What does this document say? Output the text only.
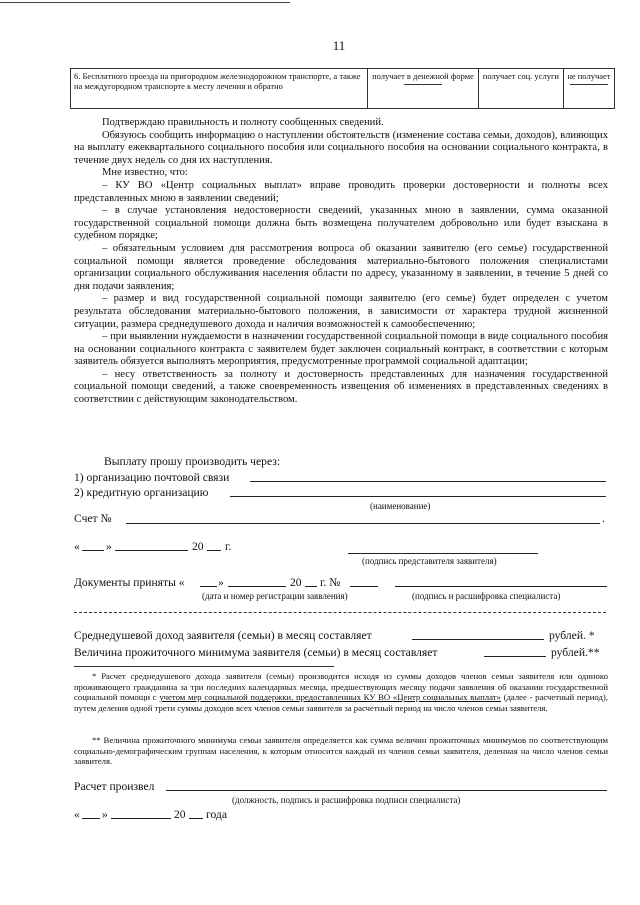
11
6. Бесплатного проезда на пригородном железнодорожном транспорте, а также на междугородном транспорте к месту лечения и обратно	получает в денежной форме	получает соц. услуги	не получает

Подтверждаю правильность и полноту сообщенных сведений.

Обязуюсь сообщить информацию о наступлении обстоятельств (изменение состава семьи, доходов), влияющих на выплату ежеквартального социального пособия или социального пособия на основании социального контракта, в течение двух недель со дня их наступления.

Мне известно, что:

– КУ ВО «Центр социальных выплат» вправе проводить проверки достоверности и полноты всех представленных мною в заявлении сведений;

– в случае установления недостоверности сведений, указанных мною в заявлении, сумма оказанной государственной социальной помощи должна быть возмещена получателем добровольно или будет взыскана в судебном порядке;

– обязательным условием для рассмотрения вопроса об оказании заявителю (его семье) государственной социальной помощи является проведение обследования материально-бытового положения специалистами организации социального обслуживания населения области по адресу, указанному в заявлении, в течение 5 дней со дня подачи заявления;

– размер и вид государственной социальной помощи заявителю (его семье) будет определен с учетом результата обследования материально-бытового положения, в зависимости от характера трудной жизненной ситуации, размера среднедушевого дохода и наличия возможностей к самообеспечению;

– при выявлении нуждаемости в назначении государственной социальной помощи в виде социального пособия на основании социального контракта с заявителем будет заключен социальный контракт, в соответствии с которым заявитель обязуется выполнять мероприятия, предусмотренные программой социальной адаптации;

– несу ответственность за полноту и достоверность представленных для назначения государственной социальной помощи сведений, а также своевременность извещения об изменениях в представленных сведениях в соответствии с действующим законодательством.

Выплату прошу производить через:
1) организацию почтовой связи
2) кредитную организацию
(наименование)
Счет №	.
« »	20 г.
(подпись представителя заявителя)
Документы приняты «	»	20 г. №
(дата и номер регистрации заявления)	(подпись и расшифровка специалиста)
Среднедушевой доход заявителя (семьи) в месяц составляет	рублей. *
Величина прожиточного минимума заявителя (семьи) в месяц составляет	рублей.**

* Расчет среднедушевого дохода заявителя (семьи) производится исходя из суммы доходов членов семьи заявителя или одиноко проживающего гражданина за три последних календарных месяца, предшествующих месяцу подачи заявления об оказании государственной социальной помощи с учетом мер социальной поддержки, предоставленных КУ ВО «Центр социальных выплат» (далее - расчетный период), путем деления одной трети суммы доходов всех членов семьи заявителя за расчетный период на число членов семьи заявителя.

** Величина прожиточного минимума семьи заявителя определяется как сумма величин прожиточных минимумов по соответствующим социально-демографическим группам населения, к которым относится каждый из членов семьи заявителя, деленная на число членов семьи заявителя.

Расчет произвел
(должность, подпись и расшифровка подписи специалиста)
« »	20 года
